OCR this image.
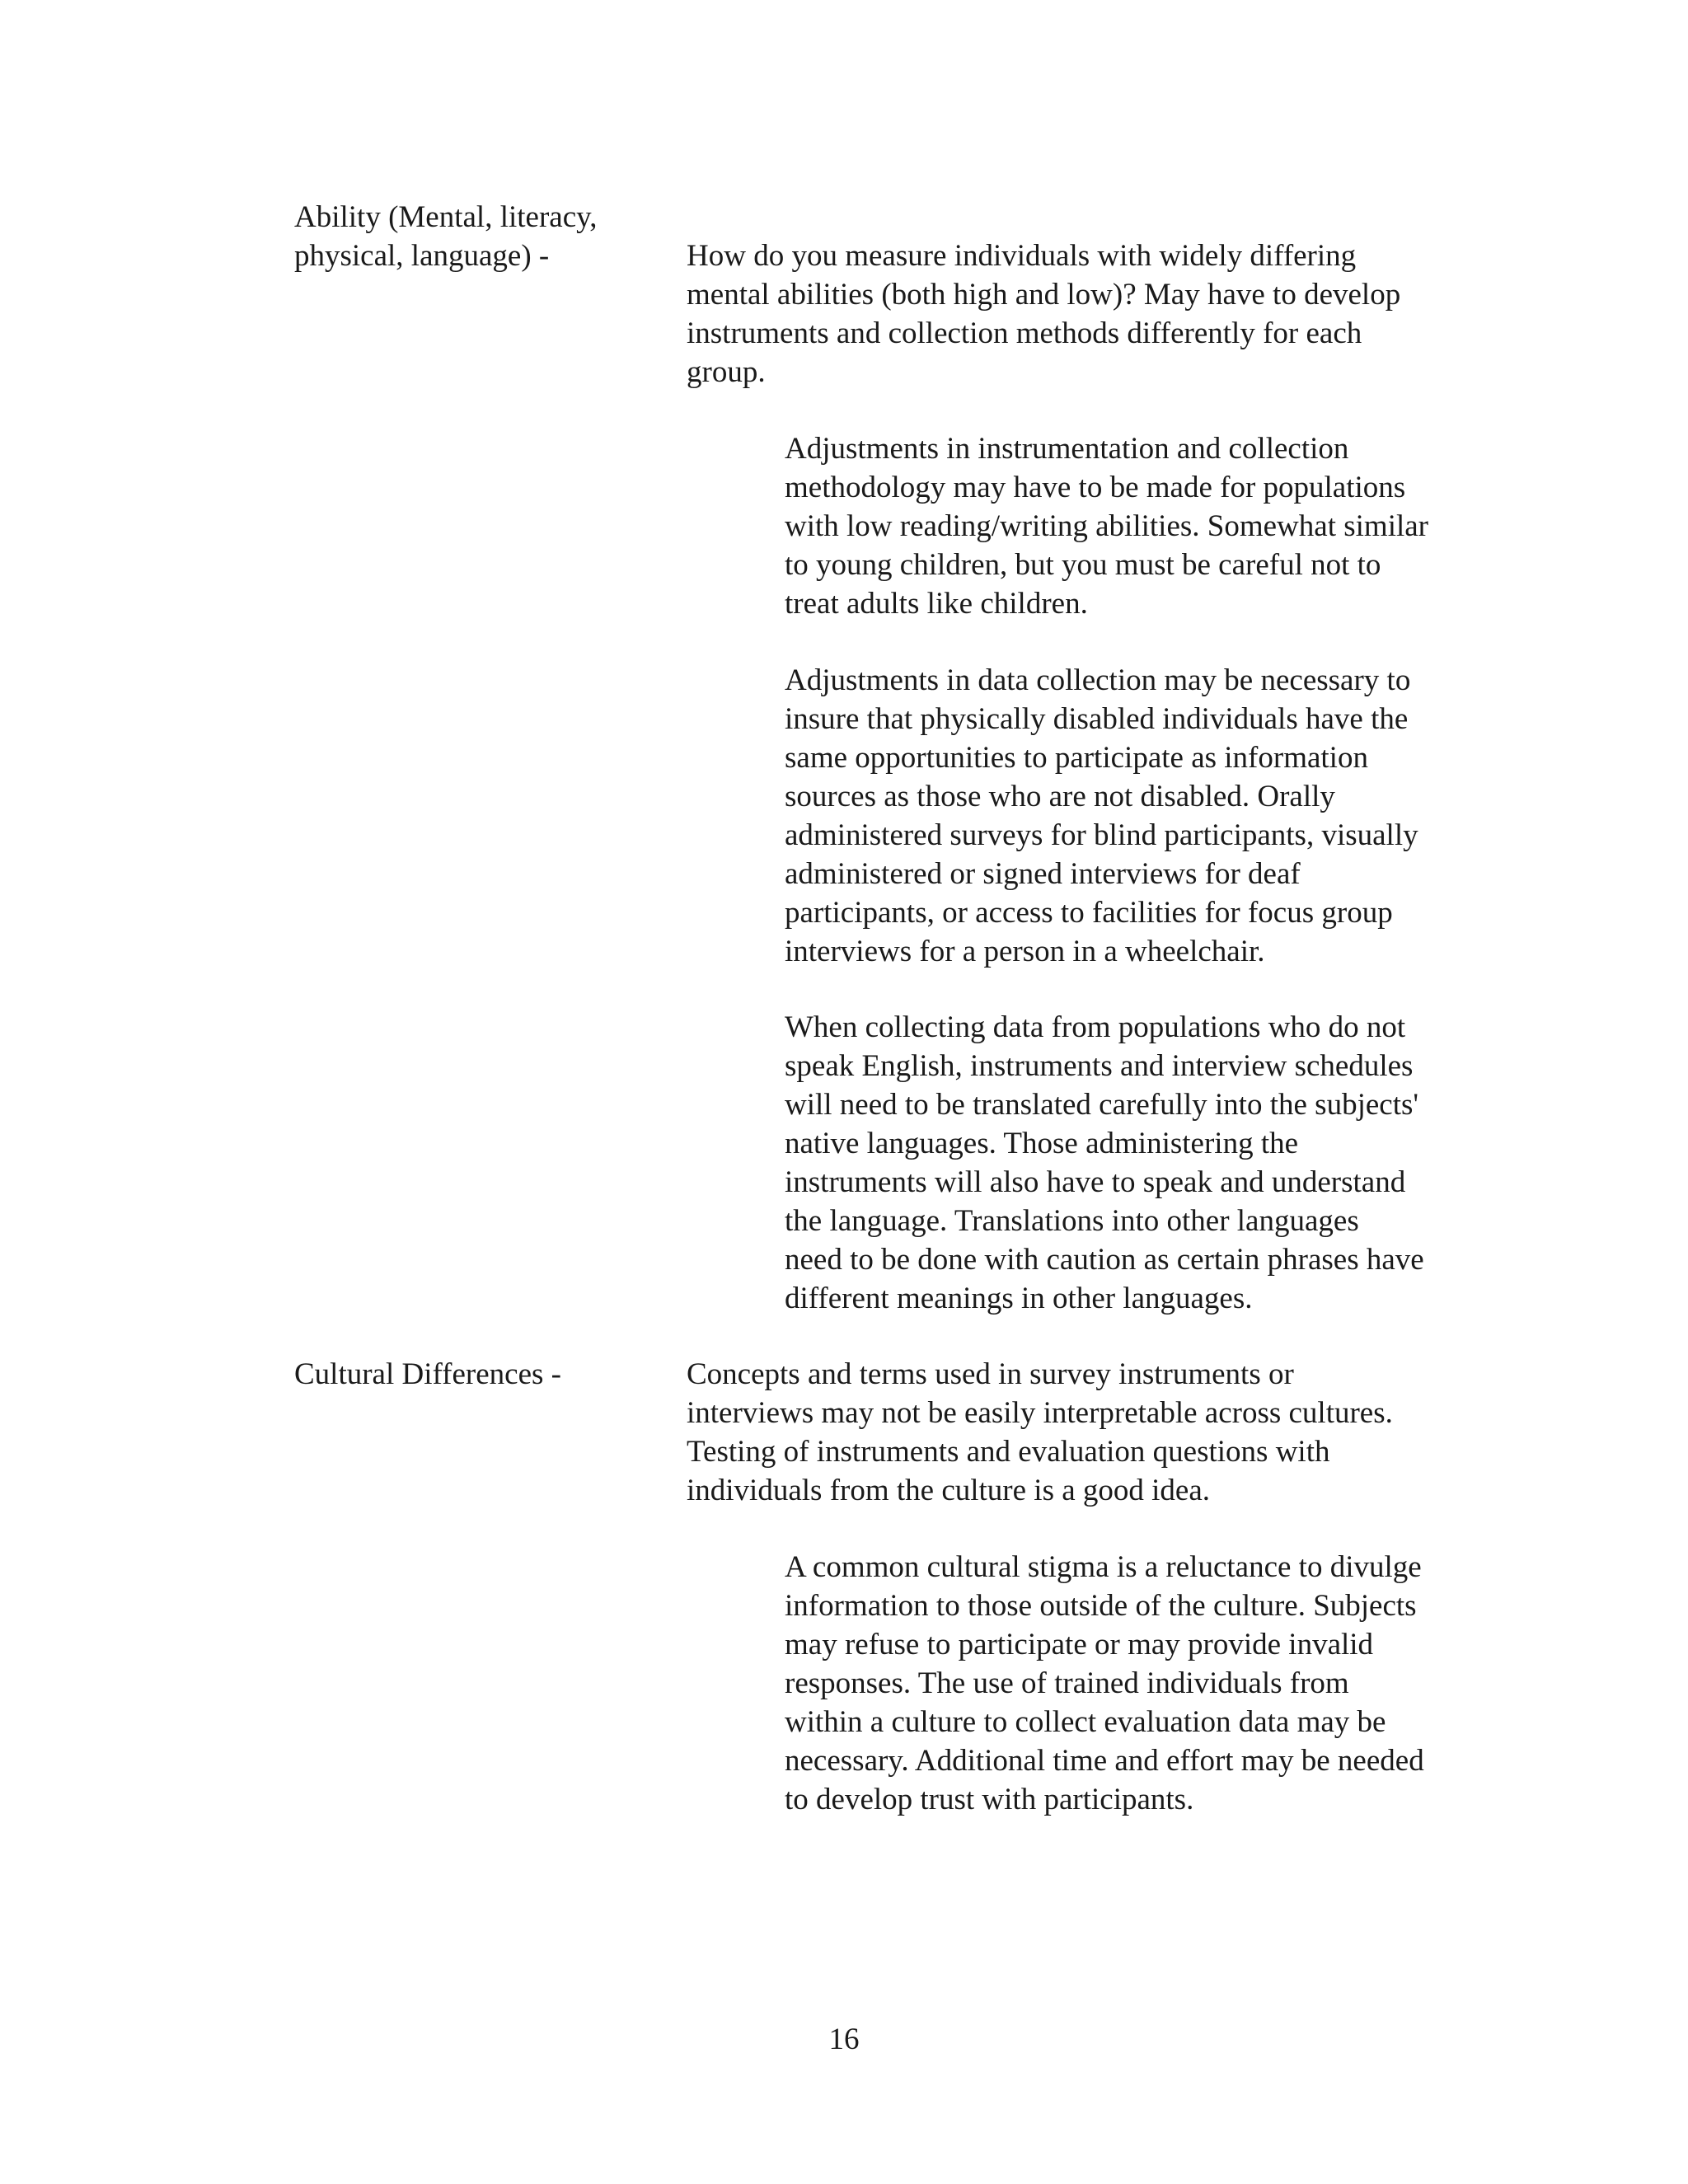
Ability (Mental, literacy,
physical, language) -	How do you measure individuals with widely differing
mental abilities (both high and low)? May have to develop
instruments and collection methods differently for each
group.
Adjustments in instrumentation and collection
methodology may have to be made for populations
with low reading/writing abilities. Somewhat similar
to young children, but you must be careful not to
treat adults like children.
Adjustments in data collection may be necessary to
insure that physically disabled individuals have the
same opportunities to participate as information
sources as those who are not disabled. Orally
administered surveys for blind participants, visually
administered or signed interviews for deaf
participants, or access to facilities for focus group
interviews for a person in a wheelchair.
When collecting data from populations who do not
speak English, instruments and interview schedules
will need to be translated carefully into the subjects'
native languages. Those administering the
instruments will also have to speak and understand
the language. Translations into other languages
need to be done with caution as certain phrases have
different meanings in other languages.
Cultural Differences -	Concepts and terms used in survey instruments or
interviews may not be easily interpretable across cultures.
Testing of instruments and evaluation questions with
individuals from the culture is a good idea.
A common cultural stigma is a reluctance to divulge
information to those outside of the culture. Subjects
may refuse to participate or may provide invalid
responses. The use of trained individuals from
within a culture to collect evaluation data may be
necessary. Additional time and effort may be needed
to develop trust with participants.

16
